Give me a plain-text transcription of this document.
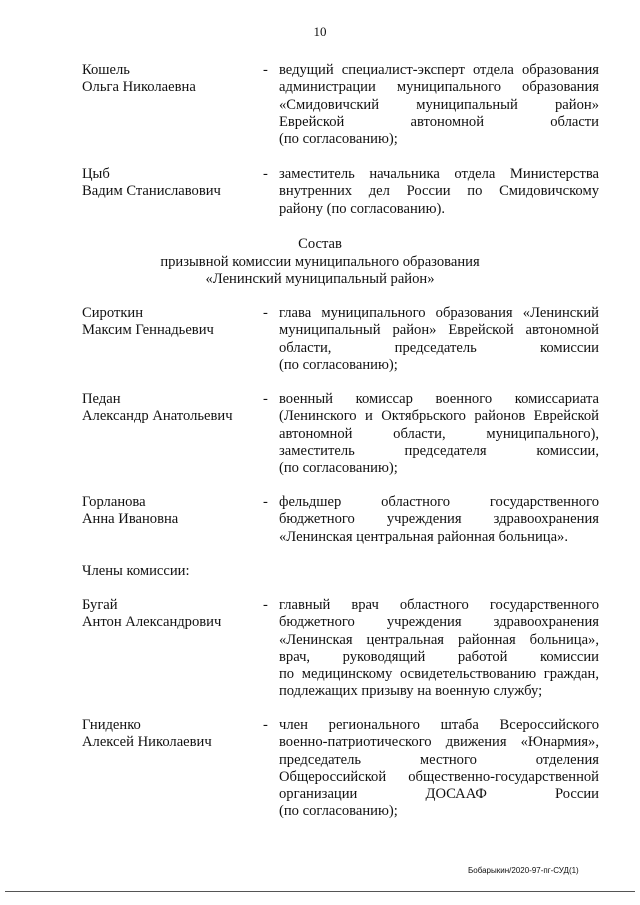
10
Кошель
Ольга Николаевна
- ведущий специалист-эксперт отдела образования
администрации муниципального образования
«Смидовичский муниципальный район»
Еврейской автономной области
(по согласованию);
Цыб
Вадим Станиславович
- заместитель начальника отдела Министерства
внутренних дел России по Смидовичскому
району (по согласованию).
Состав
призывной комиссии муниципального образования
«Ленинский муниципальный район»
Сироткин
Максим Геннадьевич
- глава муниципального образования «Ленинский
муниципальный район» Еврейской автономной
области, председатель комиссии
(по согласованию);
Педан
Александр Анатольевич
- военный комиссар военного комиссариата
(Ленинского и Октябрьского районов Еврейской
автономной области, муниципального),
заместитель председателя комиссии,
(по согласованию);
Горланова
Анна Ивановна
- фельдшер областного государственного
бюджетного учреждения здравоохранения
«Ленинская центральная районная больница».
Бугай
Антон Александрович
- главный врач областного государственного
бюджетного учреждения здравоохранения
«Ленинская центральная районная больница»,
врач, руководящий работой комиссии
по медицинскому освидетельствованию граждан,
подлежащих призыву на военную службу;
Гниденко
Алексей Николаевич
- член регионального штаба Всероссийского
военно-патриотического движения «Юнармия»,
председатель местного отделения
Общероссийской общественно-государственной
организации ДОСААФ России
(по согласованию);
Члены комиссии:
Бобарыкин/2020-97-пг-СУД(1)
